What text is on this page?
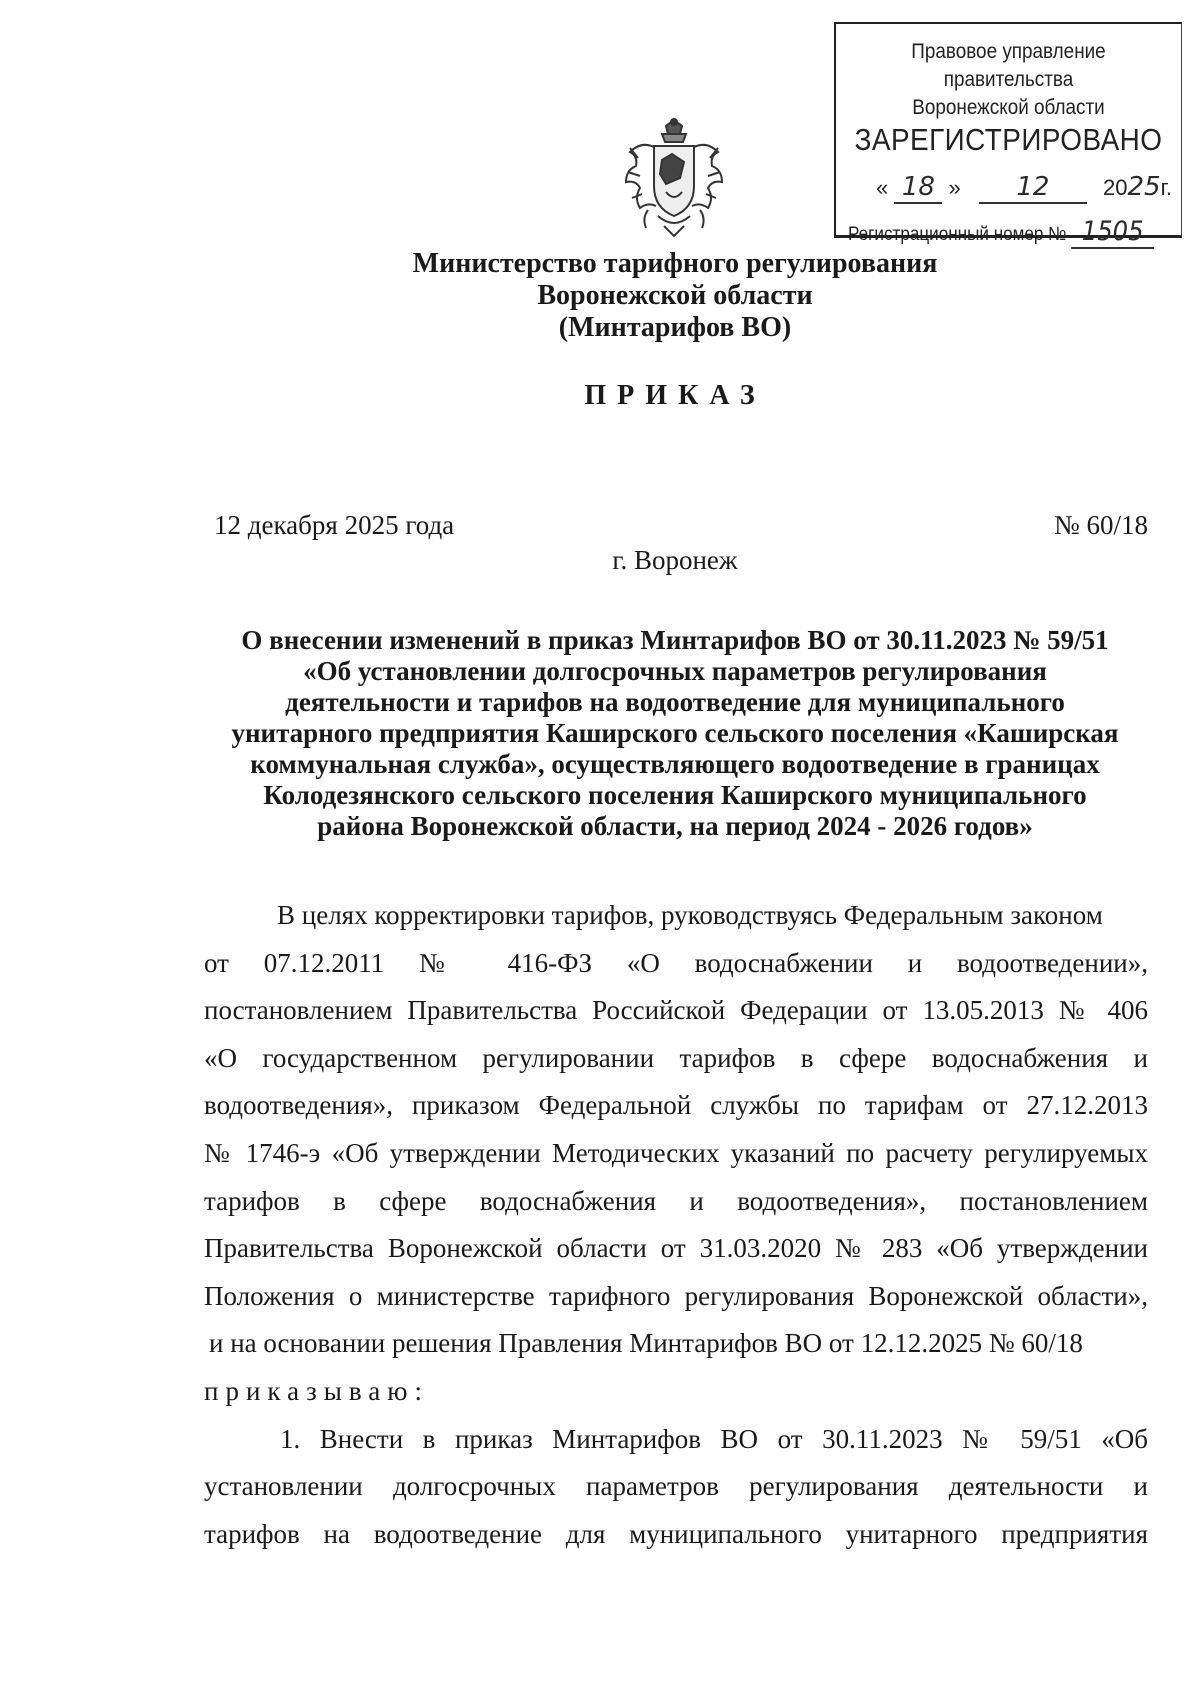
Правовое управление правительства
Воронежской области
ЗАРЕГИСТРИРОВАНО
« 18 » 12 2025г.
Регистрационный номер № 1505
Министерство тарифного регулирования
Воронежской области
(Минтарифов ВО)
ПРИКАЗ
12 декабря 2025 года	№ 60/18
г. Воронеж
О внесении изменений в приказ Минтарифов ВО от 30.11.2023 № 59/51
«Об установлении долгосрочных параметров регулирования
деятельности и тарифов на водоотведение для муниципального
унитарного предприятия Каширского сельского поселения «Каширская
коммунальная служба», осуществляющего водоотведение в границах
Колодезянского сельского поселения Каширского муниципального
района Воронежской области, на период 2024 - 2026 годов»
В целях корректировки тарифов, руководствуясь Федеральным законом
от 07.12.2011 № 416-ФЗ «О водоснабжении и водоотведении»,
постановлением Правительства Российской Федерации от 13.05.2013 № 406
«О государственном регулировании тарифов в сфере водоснабжения и
водоотведения», приказом Федеральной службы по тарифам от 27.12.2013
№ 1746-э «Об утверждении Методических указаний по расчету регулируемых
тарифов в сфере водоснабжения и водоотведения», постановлением
Правительства Воронежской области от 31.03.2020 № 283 «Об утверждении
Положения о министерстве тарифного регулирования Воронежской области»,
и на основании решения Правления Минтарифов ВО от 12.12.2025 № 60/18
приказываю:
1. Внести в приказ Минтарифов ВО от 30.11.2023 № 59/51 «Об
установлении долгосрочных параметров регулирования деятельности и
тарифов на водоотведение для муниципального унитарного предприятия
